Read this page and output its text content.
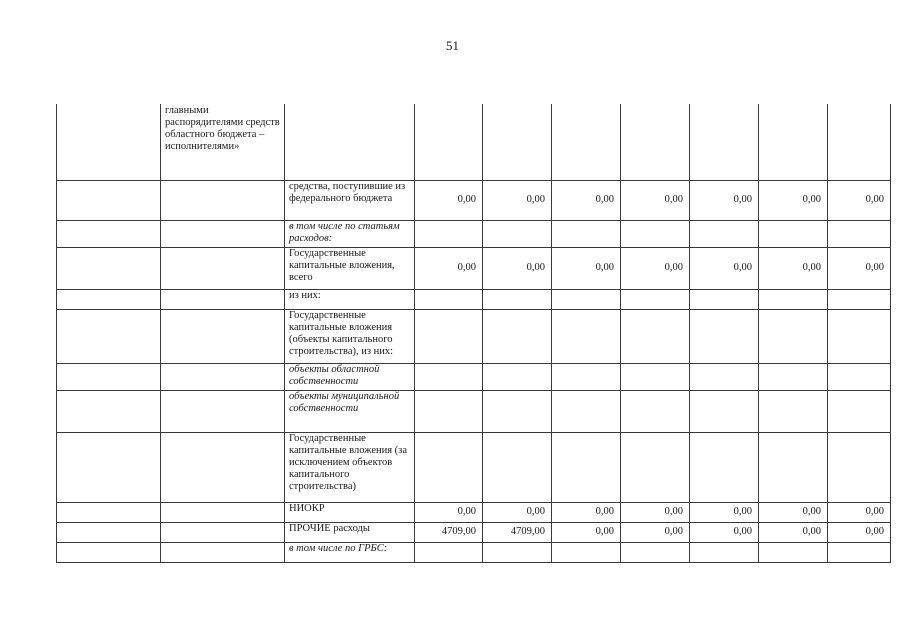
51
	главными распорядителями средств областного бюджета – исполнителями»								
		средства, поступившие из федерального бюджета	0,00	0,00	0,00	0,00	0,00	0,00	0,00
		в том числе по статьям расходов:							
		Государственные капитальные вложения, всего	0,00	0,00	0,00	0,00	0,00	0,00	0,00
		из них:							
		Государственные капитальные вложения (объекты капитального строительства), из них:							
		объекты областной собственности							
		объекты муниципальной собственности							
		Государственные капитальные вложения (за исключением объектов капитального строительства)							
		НИОКР	0,00	0,00	0,00	0,00	0,00	0,00	0,00
		ПРОЧИЕ расходы	4709,00	4709,00	0,00	0,00	0,00	0,00	0,00
		в том числе по ГРБС:							
